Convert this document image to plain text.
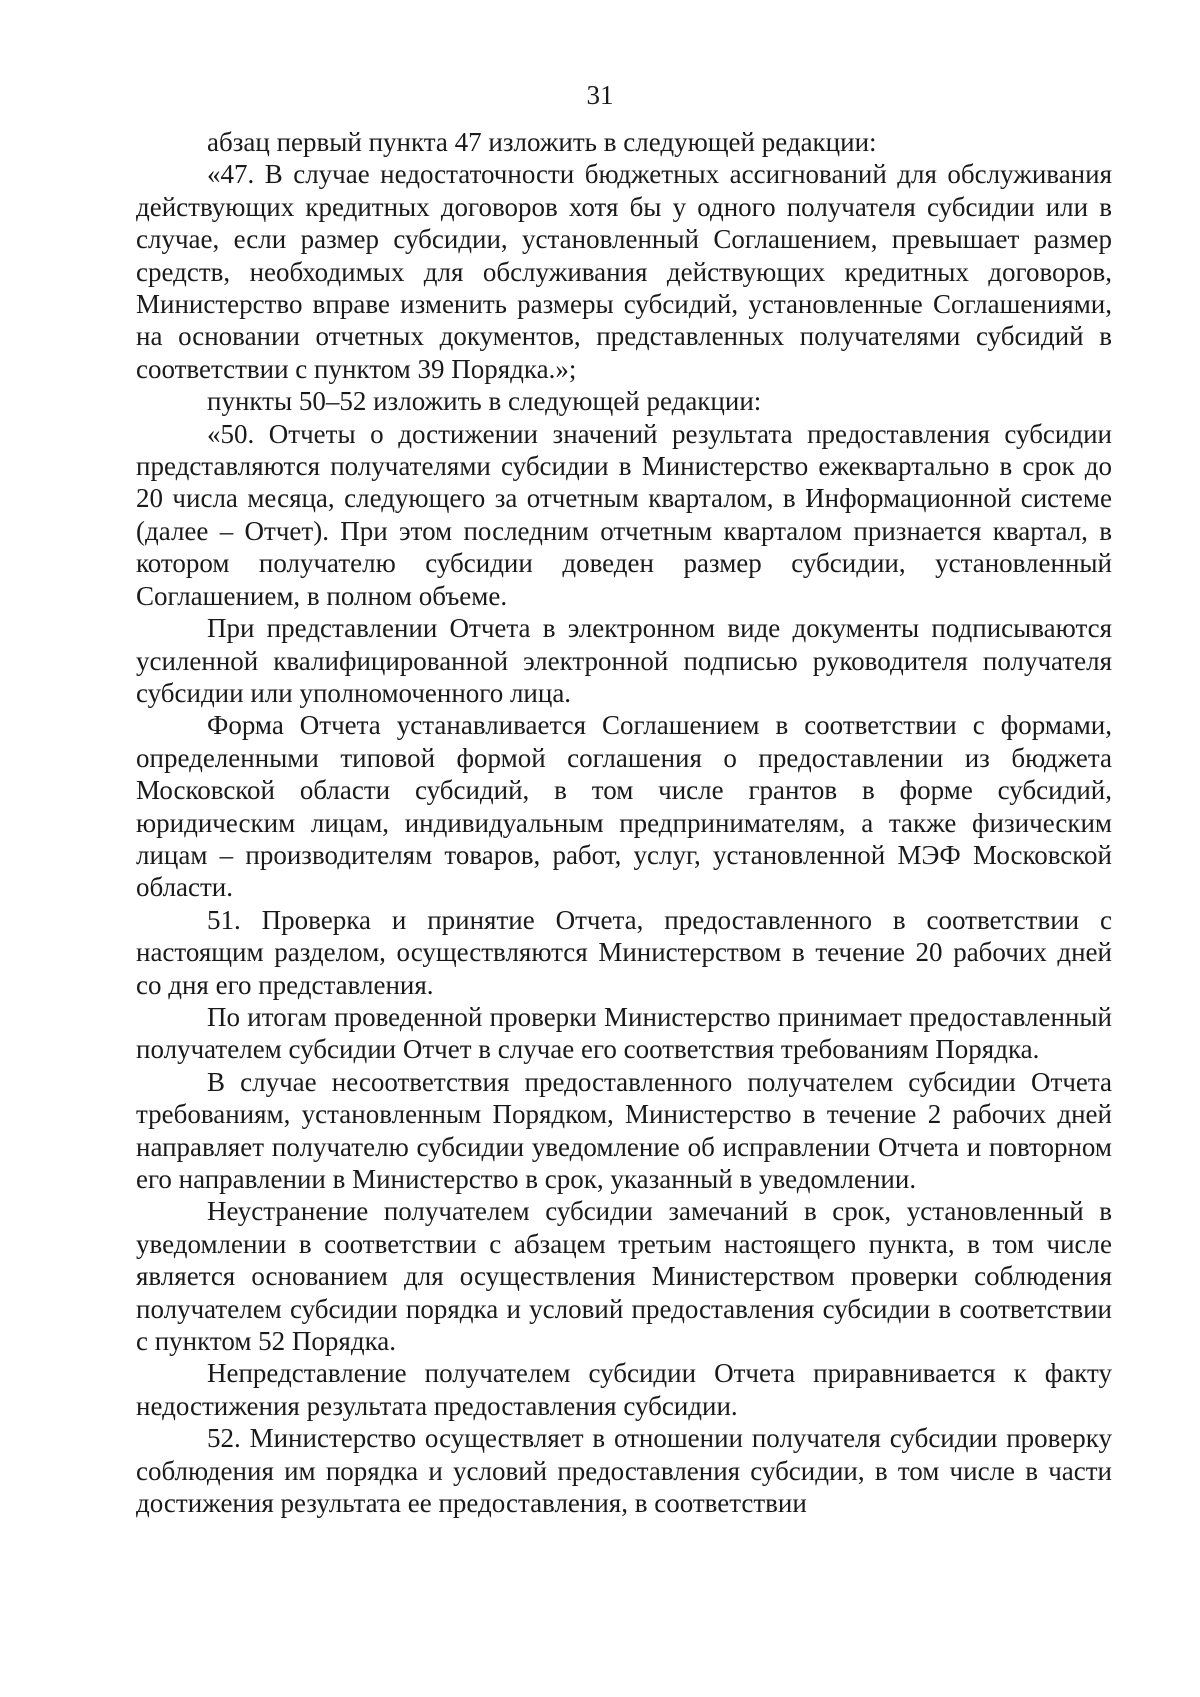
31

абзац первый пункта 47 изложить в следующей редакции:

«47. В случае недостаточности бюджетных ассигнований для обслуживания действующих кредитных договоров хотя бы у одного получателя субсидии или в случае, если размер субсидии, установленный Соглашением, превышает размер средств, необходимых для обслуживания действующих кредитных договоров, Министерство вправе изменить размеры субсидий, установленные Соглашениями, на основании отчетных документов, представленных получателями субсидий в соответствии с пунктом 39 Порядка.»;

пункты 50–52 изложить в следующей редакции:

«50. Отчеты о достижении значений результата предоставления субсидии представляются получателями субсидии в Министерство ежеквартально в срок до 20 числа месяца, следующего за отчетным кварталом, в Информационной системе (далее – Отчет). При этом последним отчетным кварталом признается квартал, в котором получателю субсидии доведен размер субсидии, установленный Соглашением, в полном объеме.

При представлении Отчета в электронном виде документы подписываются усиленной квалифицированной электронной подписью руководителя получателя субсидии или уполномоченного лица.

Форма Отчета устанавливается Соглашением в соответствии с формами, определенными типовой формой соглашения о предоставлении из бюджета Московской области субсидий, в том числе грантов в форме субсидий, юридическим лицам, индивидуальным предпринимателям, а также физическим лицам – производителям товаров, работ, услуг, установленной МЭФ Московской области.

51. Проверка и принятие Отчета, предоставленного в соответствии с настоящим разделом, осуществляются Министерством в течение 20 рабочих дней со дня его представления.

По итогам проведенной проверки Министерство принимает предоставленный получателем субсидии Отчет в случае его соответствия требованиям Порядка.

В случае несоответствия предоставленного получателем субсидии Отчета требованиям, установленным Порядком, Министерство в течение 2 рабочих дней направляет получателю субсидии уведомление об исправлении Отчета и повторном его направлении в Министерство в срок, указанный в уведомлении.

Неустранение получателем субсидии замечаний в срок, установленный в уведомлении в соответствии с абзацем третьим настоящего пункта, в том числе является основанием для осуществления Министерством проверки соблюдения получателем субсидии порядка и условий предоставления субсидии в соответствии с пунктом 52 Порядка.

Непредставление получателем субсидии Отчета приравнивается к факту недостижения результата предоставления субсидии.

52. Министерство осуществляет в отношении получателя субсидии проверку соблюдения им порядка и условий предоставления субсидии, в том числе в части достижения результата ее предоставления, в соответствии
